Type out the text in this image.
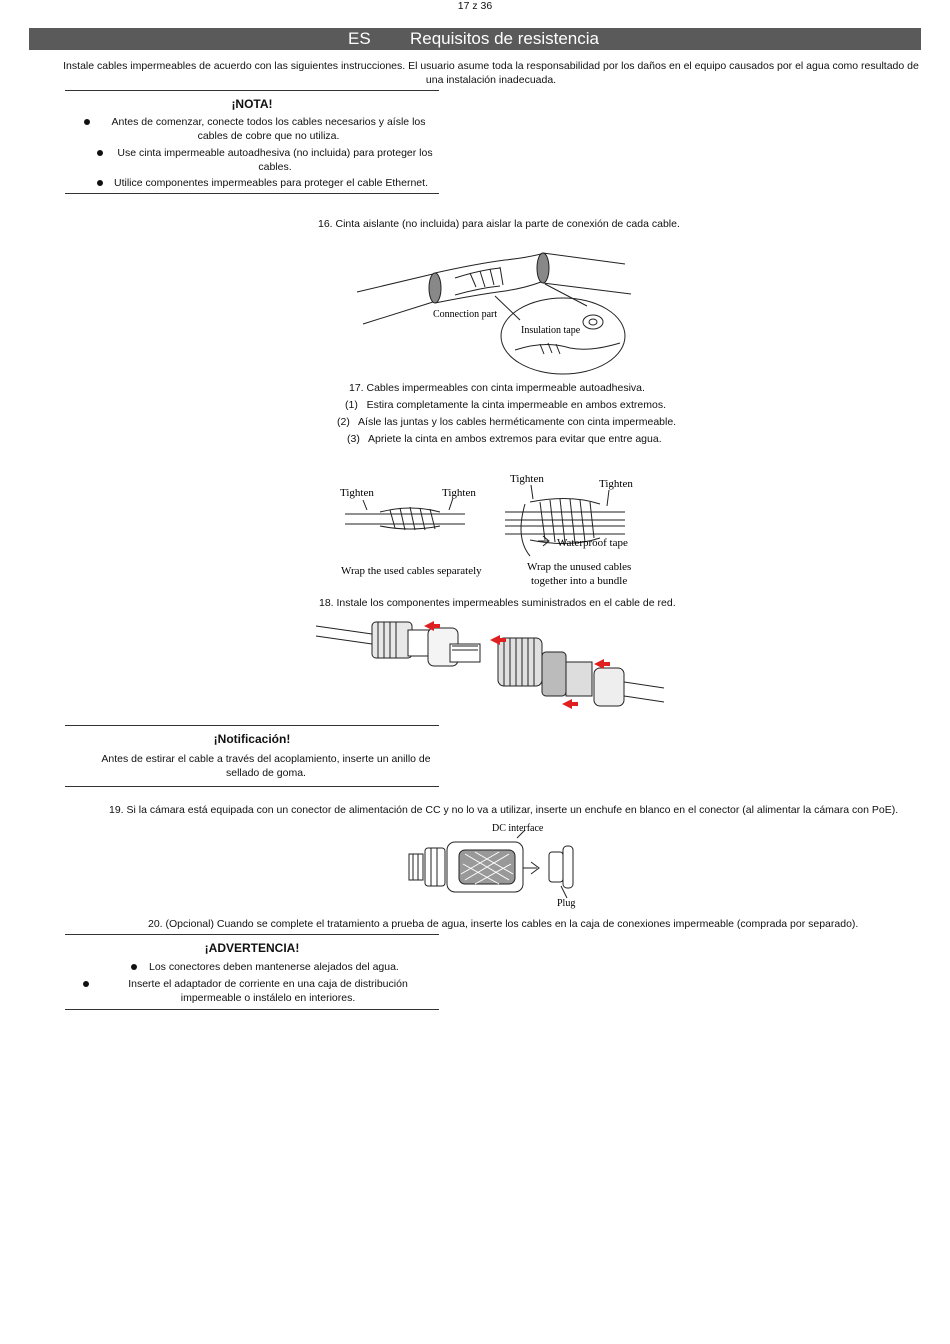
17 z 36
ES Requisitos de resistencia
Instale cables impermeables de acuerdo con las siguientes instrucciones. El usuario asume toda la responsabilidad por los daños en el equipo causados por el agua como resultado de una instalación inadecuada.
¡NOTA!
Antes de comenzar, conecte todos los cables necesarios y aísle los cables de cobre que no utiliza.
Use cinta impermeable autoadhesiva (no incluida) para proteger los cables.
Utilice componentes impermeables para proteger el cable Ethernet.
16. Cinta aislante (no incluida) para aislar la parte de conexión de cada cable.
Connection part
Insulation tape
17. Cables impermeables con cinta impermeable autoadhesiva.
(1) Estira completamente la cinta impermeable en ambos extremos.
(2) Aísle las juntas y los cables herméticamente con cinta impermeable.
(3) Apriete la cinta en ambos extremos para evitar que entre agua.
Tighten	Tighten
Tighten	Tighten
Waterproof tape
Wrap the used cables separately	Wrap the unused cables
together into a bundle
18. Instale los componentes impermeables suministrados en el cable de red.
¡Notificación!
Antes de estirar el cable a través del acoplamiento, inserte un anillo de sellado de goma.
19. Si la cámara está equipada con un conector de alimentación de CC y no lo va a utilizar, inserte un enchufe en blanco en el conector (al alimentar la cámara con PoE).
DC interface
Plug
20. (Opcional) Cuando se complete el tratamiento a prueba de agua, inserte los cables en la caja de conexiones impermeable (comprada por separado).
¡ADVERTENCIA!
Los conectores deben mantenerse alejados del agua.
Inserte el adaptador de corriente en una caja de distribución impermeable o instálelo en interiores.
